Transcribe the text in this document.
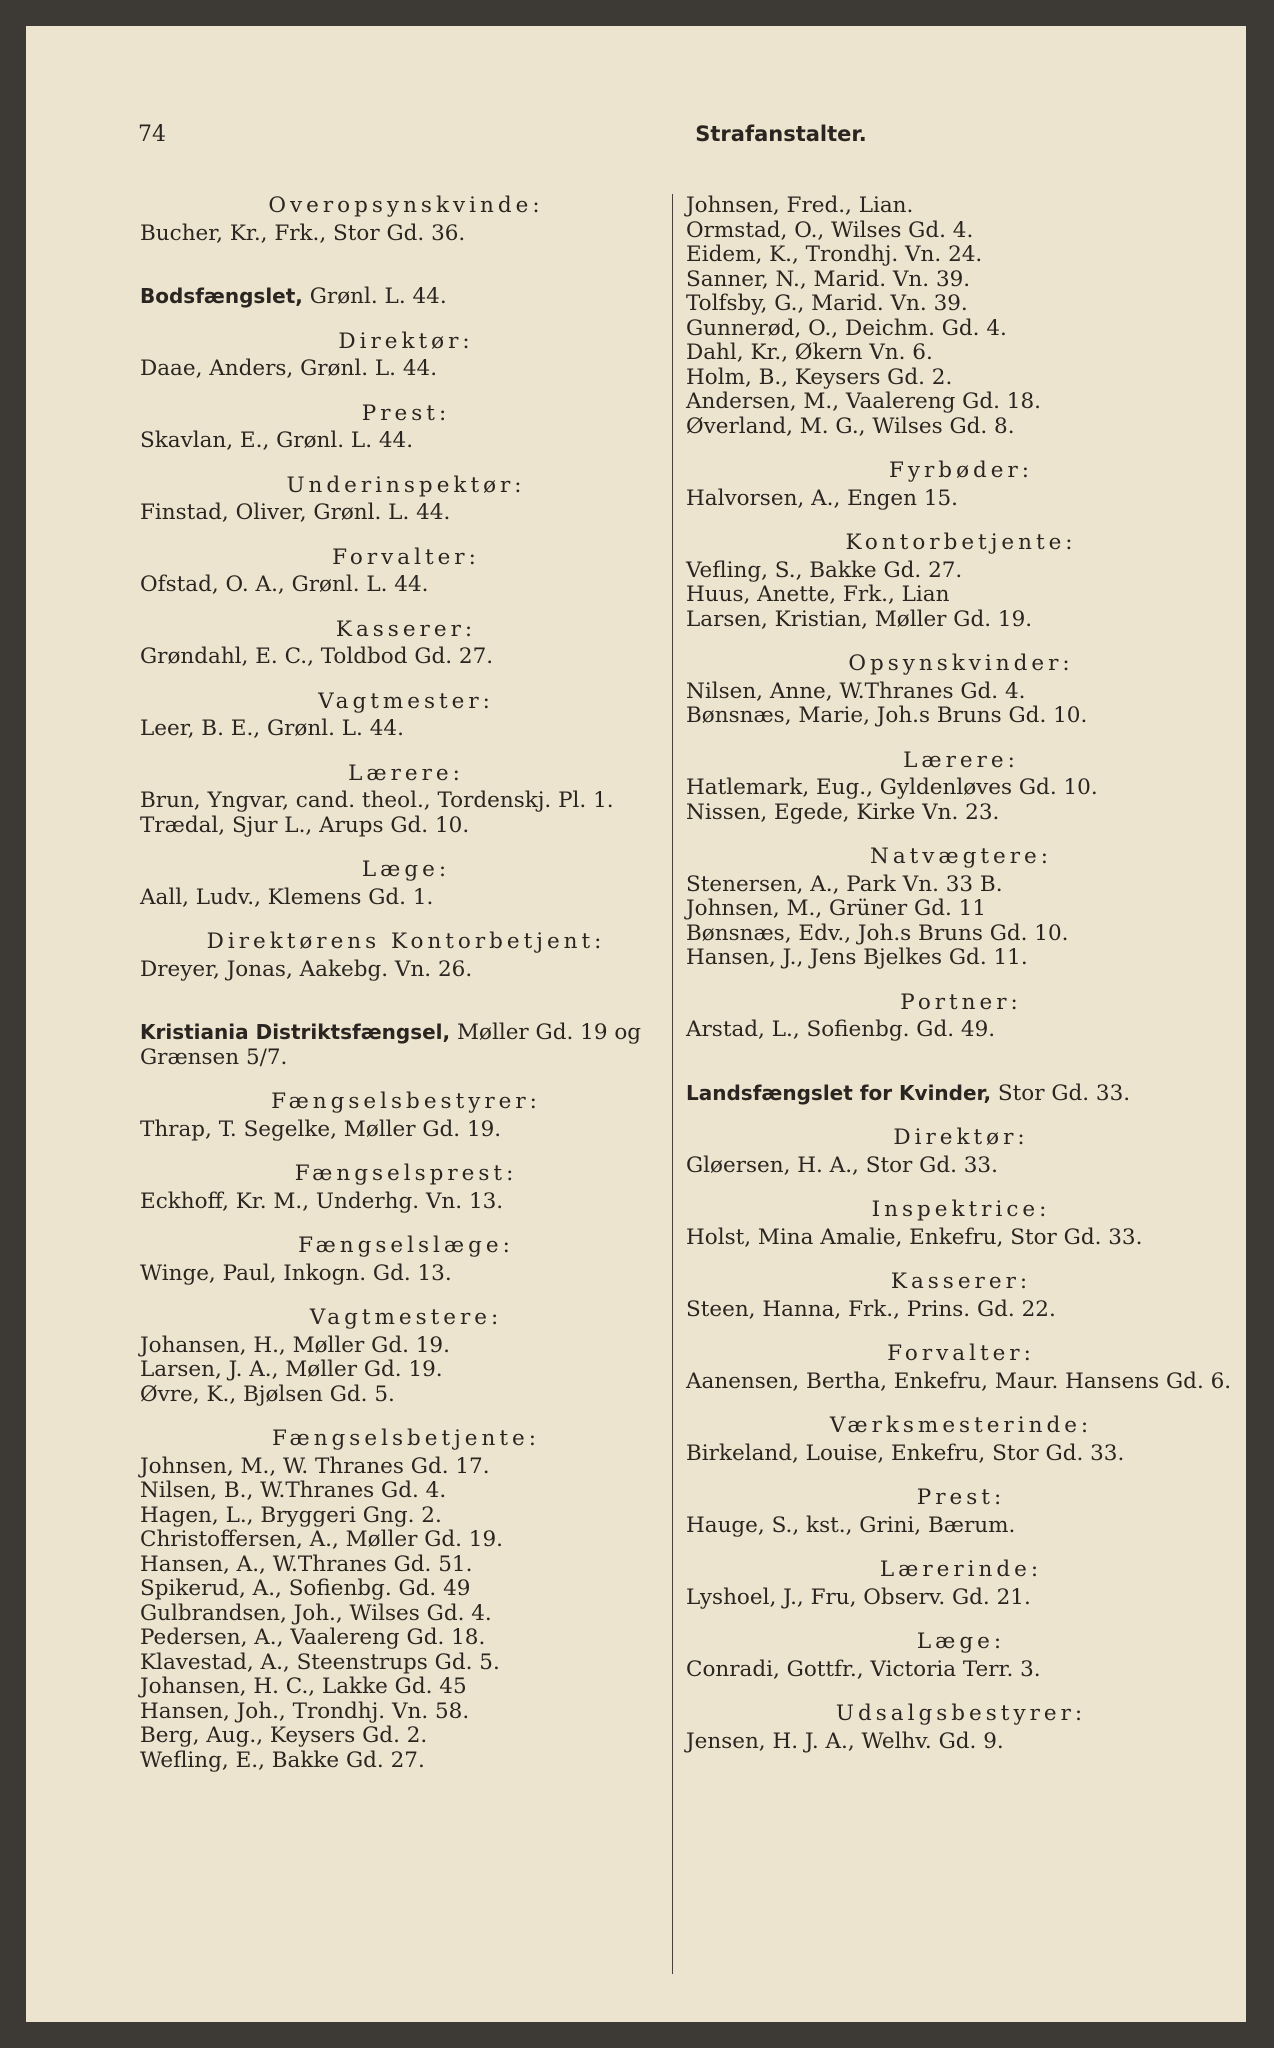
74	Strafanstalter.
Overopsynskvinde:
Bucher, Kr., Frk., Stor Gd. 36.
Bodsfængslet, Grønl. L. 44.
Direktør:
Daae, Anders, Grønl. L. 44.
Prest:
Skavlan, E., Grønl. L. 44.
Underinspektør:
Finstad, Oliver, Grønl. L. 44.
Forvalter:
Ofstad, O. A., Grønl. L. 44.
Kasserer:
Grøndahl, E. C., Toldbod Gd. 27.
Vagtmester:
Leer, B. E., Grønl. L. 44.
Lærere:
Brun, Yngvar, cand. theol., Tordenskj. Pl. 1.
Trædal, Sjur L., Arups Gd. 10.
Læge:
Aall, Ludv., Klemens Gd. 1.
Direktørens Kontorbetjent:
Dreyer, Jonas, Aakebg. Vn. 26.
Kristiania Distriktsfængsel, Møller Gd. 19 og Grænsen 5/7.
Fængselsbestyrer:
Thrap, T. Segelke, Møller Gd. 19.
Fængselsprest:
Eckhoff, Kr. M., Underhg. Vn. 13.
Fængselslæge:
Winge, Paul, Inkogn. Gd. 13.
Vagtmestere:
Johansen, H., Møller Gd. 19.
Larsen, J. A., Møller Gd. 19.
Øvre, K., Bjølsen Gd. 5.
Fængselsbetjente:
Johnsen, M., W. Thranes Gd. 17.
Nilsen, B., W.Thranes Gd. 4.
Hagen, L., Bryggeri Gng. 2.
Christoffersen, A., Møller Gd. 19.
Hansen, A., W.Thranes Gd. 51.
Spikerud, A., Sofienbg. Gd. 49
Gulbrandsen, Joh., Wilses Gd. 4.
Pedersen, A., Vaalereng Gd. 18.
Klavestad, A., Steenstrups Gd. 5.
Johansen, H. C., Lakke Gd. 45
Hansen, Joh., Trondhj. Vn. 58.
Berg, Aug., Keysers Gd. 2.
Wefling, E., Bakke Gd. 27.
Johnsen, Fred., Lian.
Ormstad, O., Wilses Gd. 4.
Eidem, K., Trondhj. Vn. 24.
Sanner, N., Marid. Vn. 39.
Tolfsby, G., Marid. Vn. 39.
Gunnerød, O., Deichm. Gd. 4.
Dahl, Kr., Økern Vn. 6.
Holm, B., Keysers Gd. 2.
Andersen, M., Vaalereng Gd. 18.
Øverland, M. G., Wilses Gd. 8.
Fyrbøder:
Halvorsen, A., Engen 15.
Kontorbetjente:
Vefling, S., Bakke Gd. 27.
Huus, Anette, Frk., Lian
Larsen, Kristian, Møller Gd. 19.
Opsynskvinder:
Nilsen, Anne, W.Thranes Gd. 4.
Bønsnæs, Marie, Joh.s Bruns Gd. 10.
Lærere:
Hatlemark, Eug., Gyldenløves Gd. 10.
Nissen, Egede, Kirke Vn. 23.
Natvægtere:
Stenersen, A., Park Vn. 33 B.
Johnsen, M., Grüner Gd. 11
Bønsnæs, Edv., Joh.s Bruns Gd. 10.
Hansen, J., Jens Bjelkes Gd. 11.
Portner:
Arstad, L., Sofienbg. Gd. 49.
Landsfængslet for Kvinder, Stor Gd. 33.
Direktør:
Gløersen, H. A., Stor Gd. 33.
Inspektrice:
Holst, Mina Amalie, Enkefru, Stor Gd. 33.
Kasserer:
Steen, Hanna, Frk., Prins. Gd. 22.
Forvalter:
Aanensen, Bertha, Enkefru, Maur. Hansens Gd. 6.
Værksmesterinde:
Birkeland, Louise, Enkefru, Stor Gd. 33.
Prest:
Hauge, S., kst., Grini, Bærum.
Lærerinde:
Lyshoel, J., Fru, Observ. Gd. 21.
Læge:
Conradi, Gottfr., Victoria Terr. 3.
Udsalgsbestyrer:
Jensen, H. J. A., Welhv. Gd. 9.
